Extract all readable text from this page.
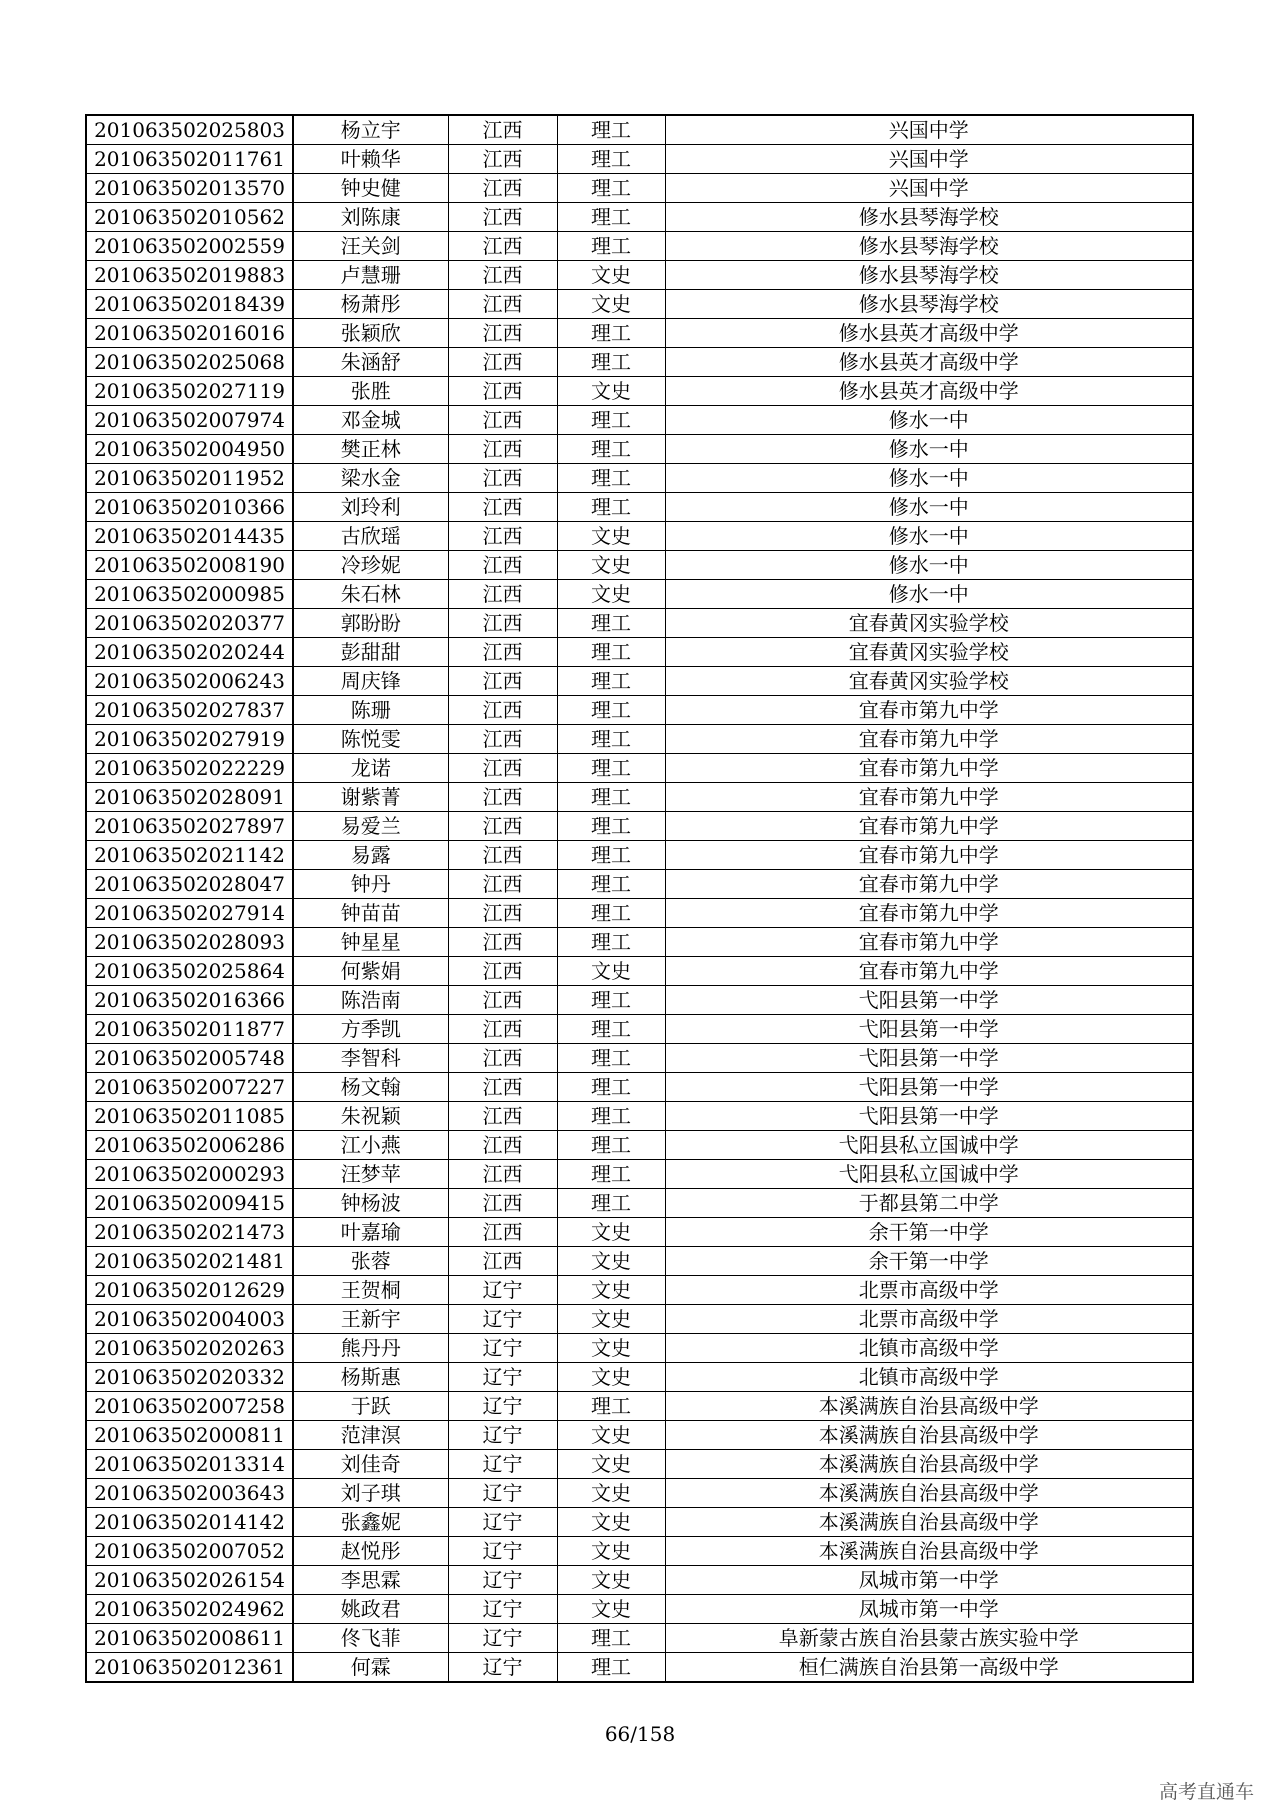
201063502025803	杨立宇	江西	理工	兴国中学
201063502011761	叶赖华	江西	理工	兴国中学
201063502013570	钟史健	江西	理工	兴国中学
201063502010562	刘陈康	江西	理工	修水县琴海学校
201063502002559	汪关剑	江西	理工	修水县琴海学校
201063502019883	卢慧珊	江西	文史	修水县琴海学校
201063502018439	杨萧彤	江西	文史	修水县琴海学校
201063502016016	张颖欣	江西	理工	修水县英才高级中学
201063502025068	朱涵舒	江西	理工	修水县英才高级中学
201063502027119	张胜	江西	文史	修水县英才高级中学
201063502007974	邓金城	江西	理工	修水一中
201063502004950	樊正林	江西	理工	修水一中
201063502011952	梁水金	江西	理工	修水一中
201063502010366	刘玲利	江西	理工	修水一中
201063502014435	古欣瑶	江西	文史	修水一中
201063502008190	冷珍妮	江西	文史	修水一中
201063502000985	朱石林	江西	文史	修水一中
201063502020377	郭盼盼	江西	理工	宜春黄冈实验学校
201063502020244	彭甜甜	江西	理工	宜春黄冈实验学校
201063502006243	周庆锋	江西	理工	宜春黄冈实验学校
201063502027837	陈珊	江西	理工	宜春市第九中学
201063502027919	陈悦雯	江西	理工	宜春市第九中学
201063502022229	龙诺	江西	理工	宜春市第九中学
201063502028091	谢紫菁	江西	理工	宜春市第九中学
201063502027897	易爱兰	江西	理工	宜春市第九中学
201063502021142	易露	江西	理工	宜春市第九中学
201063502028047	钟丹	江西	理工	宜春市第九中学
201063502027914	钟苗苗	江西	理工	宜春市第九中学
201063502028093	钟星星	江西	理工	宜春市第九中学
201063502025864	何紫娟	江西	文史	宜春市第九中学
201063502016366	陈浩南	江西	理工	弋阳县第一中学
201063502011877	方季凯	江西	理工	弋阳县第一中学
201063502005748	李智科	江西	理工	弋阳县第一中学
201063502007227	杨文翰	江西	理工	弋阳县第一中学
201063502011085	朱祝颖	江西	理工	弋阳县第一中学
201063502006286	江小燕	江西	理工	弋阳县私立国诚中学
201063502000293	汪梦苹	江西	理工	弋阳县私立国诚中学
201063502009415	钟杨波	江西	理工	于都县第二中学
201063502021473	叶嘉瑜	江西	文史	余干第一中学
201063502021481	张蓉	江西	文史	余干第一中学
201063502012629	王贺桐	辽宁	文史	北票市高级中学
201063502004003	王新宇	辽宁	文史	北票市高级中学
201063502020263	熊丹丹	辽宁	文史	北镇市高级中学
201063502020332	杨斯惠	辽宁	文史	北镇市高级中学
201063502007258	于跃	辽宁	理工	本溪满族自治县高级中学
201063502000811	范津溟	辽宁	文史	本溪满族自治县高级中学
201063502013314	刘佳奇	辽宁	文史	本溪满族自治县高级中学
201063502003643	刘子琪	辽宁	文史	本溪满族自治县高级中学
201063502014142	张鑫妮	辽宁	文史	本溪满族自治县高级中学
201063502007052	赵悦彤	辽宁	文史	本溪满族自治县高级中学
201063502026154	李思霖	辽宁	文史	凤城市第一中学
201063502024962	姚政君	辽宁	文史	凤城市第一中学
201063502008611	佟飞菲	辽宁	理工	阜新蒙古族自治县蒙古族实验中学
201063502012361	何霖	辽宁	理工	桓仁满族自治县第一高级中学
66/158
高考直通车
